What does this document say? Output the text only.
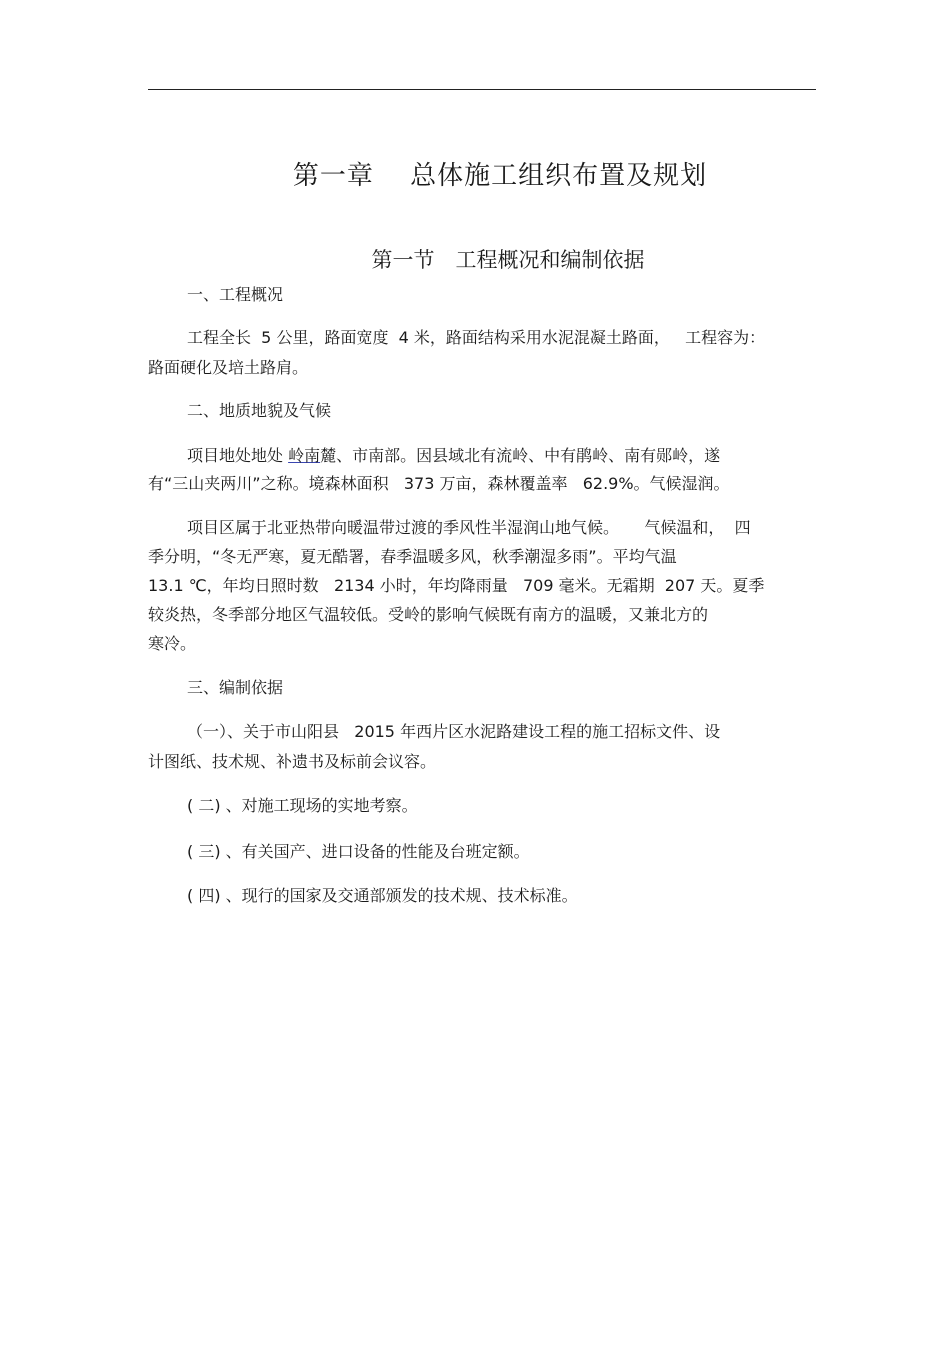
第一章　 总体施工组织布置及规划
第一节　工程概况和编制依据
一、工程概况
工程全长  5 公里，路面宽度  4 米，路面结构采用水泥混凝土路面，   工程容为：
路面硬化及培土路肩。
二、地质地貌及气候
项目地处地处 岭南麓、市南部。因县域北有流岭、中有鹃岭、南有郧岭，遂
有“三山夹两川”之称。境森林面积   373 万亩，森林覆盖率   62.9%。气候湿润。
项目区属于北亚热带向暖温带过渡的季风性半湿润山地气候。     气候温和，  四
季分明，“冬无严寒，夏无酷署，春季温暖多风，秋季潮湿多雨”。平均气温
13.1 ℃，年均日照时数   2134 小时，年均降雨量   709 毫米。无霜期  207 天。夏季
较炎热，冬季部分地区气温较低。受岭的影响气候既有南方的温暖，又兼北方的
寒冷。
三、编制依据
（一）、关于市山阳县   2015 年西片区水泥路建设工程的施工招标文件、设
计图纸、技术规、补遗书及标前会议容。
( 二) 、对施工现场的实地考察。
( 三) 、有关国产、进口设备的性能及台班定额。
( 四) 、现行的国家及交通部颁发的技术规、技术标准。
